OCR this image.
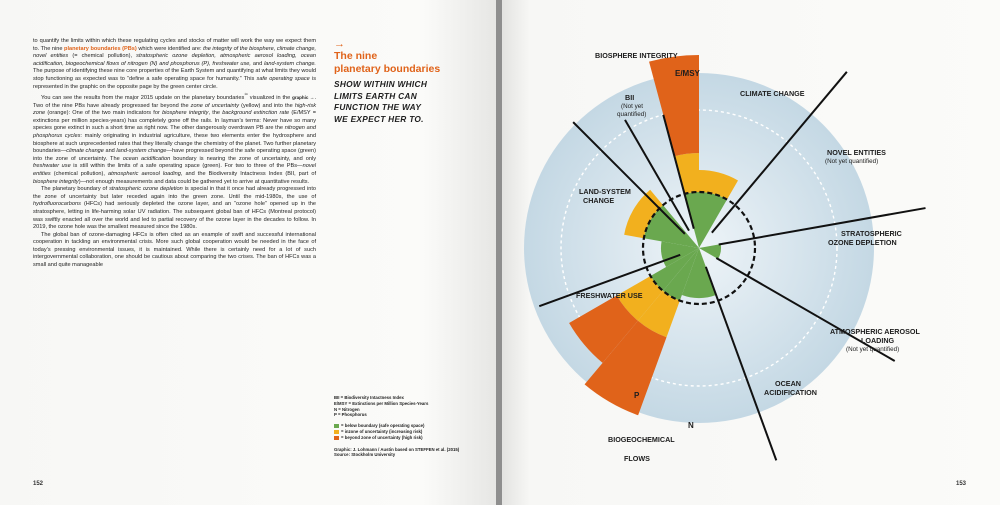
to quantify the limits within which these regulating cycles and stocks of matter will work the way we expect them to. The nine planetary boundaries (PBs) which were identified are: the integrity of the biosphere, climate change, novel entities (= chemical pollution), stratospheric ozone depletion, atmospheric aerosol loading, ocean acidification, biogeochemical flows of nitrogen (N) and phosphorus (P), freshwater use, and land-system change. The purpose of identifying these nine core properties of the Earth System and quantifying at what limits they would stop functioning as expected was to “define a safe operating space for humanity.” This safe operating space is represented in the graphic on the opposite page by the green center circle.

You can see the results from the major 2015 update on the planetary boundaries$^{^{19}}$ visualized in the graphic →. Two of the nine PBs have already progressed far beyond the zone of uncertainty (yellow) and into the high-risk zone (orange): One of the two main indicators for biosphere integrity, the background extinction rate (E/MSY = extinctions per million species-years) has completely gone off the rails. In layman’s terms: Never have so many species gone extinct in such a short time as right now. The other dangerously overdrawn PB are the nitrogen and phosphorus cycles: mainly originating in industrial agriculture, these two elements enter the hydrosphere and biosphere at such unprecedented rates that they literally change the chemistry of the planet. Two further planetary boundaries—climate change and land-system change—have progressed beyond the safe operating space (green) into the zone of uncertainty. The ocean acidification boundary is nearing the zone of uncertainty, and only freshwater use is still within the limits of a safe operating space (green). For two to three of the PBs—novel entities (chemical pollution), atmospheric aerosol loading, and the Biodiversity Intactness Index (BII, part of biosphere integrity)—not enough measurements and data could be gathered yet to arrive at quantitative results.

The planetary boundary of stratospheric ozone depletion is special in that it once had already progressed into the zone of uncertainty but later receded again into the green zone. Until the mid-1980s, the use of hydrofluorocarbons (HFCs) had seriously depleted the ozone layer, and an “ozone hole” opened up in the stratosphere, letting in life-harming solar UV radiation. The subsequent global ban of HFCs (Montreal protocol) was swiftly enacted all over the world and led to partial recovery of the ozone layer in the decades to follow. In 2019, the ozone hole was the smallest measured since the 1980s.

The global ban of ozone-damaging HFCs is often cited as an example of swift and successful international cooperation in tackling an environmental crisis. More such global cooperation would be needed in the face of today’s pressing environmental issues, it is maintained. While there is certainly need for a lot of such intergovernmental collaboration, one should be cautious about comparing the two crises. The ban of HFCs was a small and quite manageable

→
The nine
planetary boundaries
SHOW WITHIN WHICH
LIMITS EARTH CAN
FUNCTION THE WAY
WE EXPECT HER TO.
BII = Biodiversity Intactness Index
E/MSY = Extinctions per Million Species-Years
N = Nitrogen
P = Phosphorus
= below boundary (safe operating space)
= inzone of uncertainty (increasing risk)
= beyond zone of uncertainty (high risk)
Graphic: J. Lohmann / Austin based on STEFFEN et al. (2015)
Source: Stockholm University
152	153
BIOSPHERE INTEGRITY
E/MSY
BII
(Not yet
quantified)
CLIMATE CHANGE
NOVEL ENTITIES
(Not yet quantified)
STRATOSPHERIC
OZONE DEPLETION
ATMOSPHERIC AEROSOL
LOADING
(Not yet quantified)
OCEAN
ACIDIFICATION
BIOGEOCHEMICAL
FLOWS
P
N
FRESHWATER USE
LAND-SYSTEM
CHANGE
